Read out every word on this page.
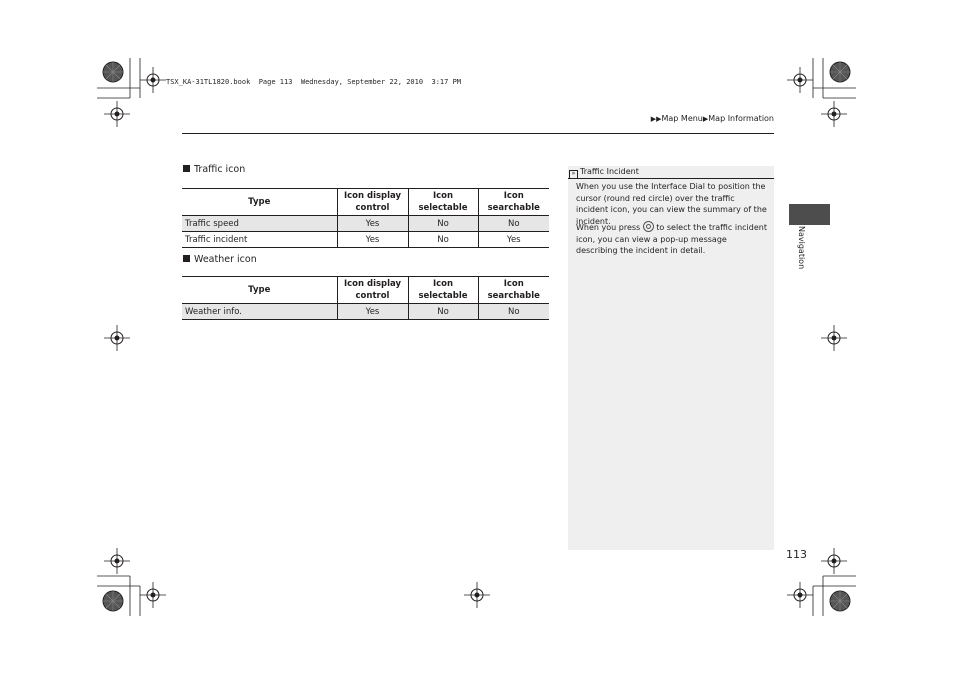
TSX_KA-31TL1820.book  Page 113  Wednesday, September 22, 2010  3:17 PM
▶▶Map Menu▶Map Information
Traffic icon
Type	Icon display control	Icon selectable	Icon searchable
Traffic speed	Yes	No	No
Traffic incident	Yes	No	Yes
Weather icon
Type	Icon display control	Icon selectable	Icon searchable
Weather info.	Yes	No	No
» Traffic Incident
When you use the Interface Dial to position the cursor (round red circle) over the traffic incident icon, you can view the summary of the incident.
When you press  to select the traffic incident icon, you can view a pop-up message describing the incident in detail.	Navigation
113
